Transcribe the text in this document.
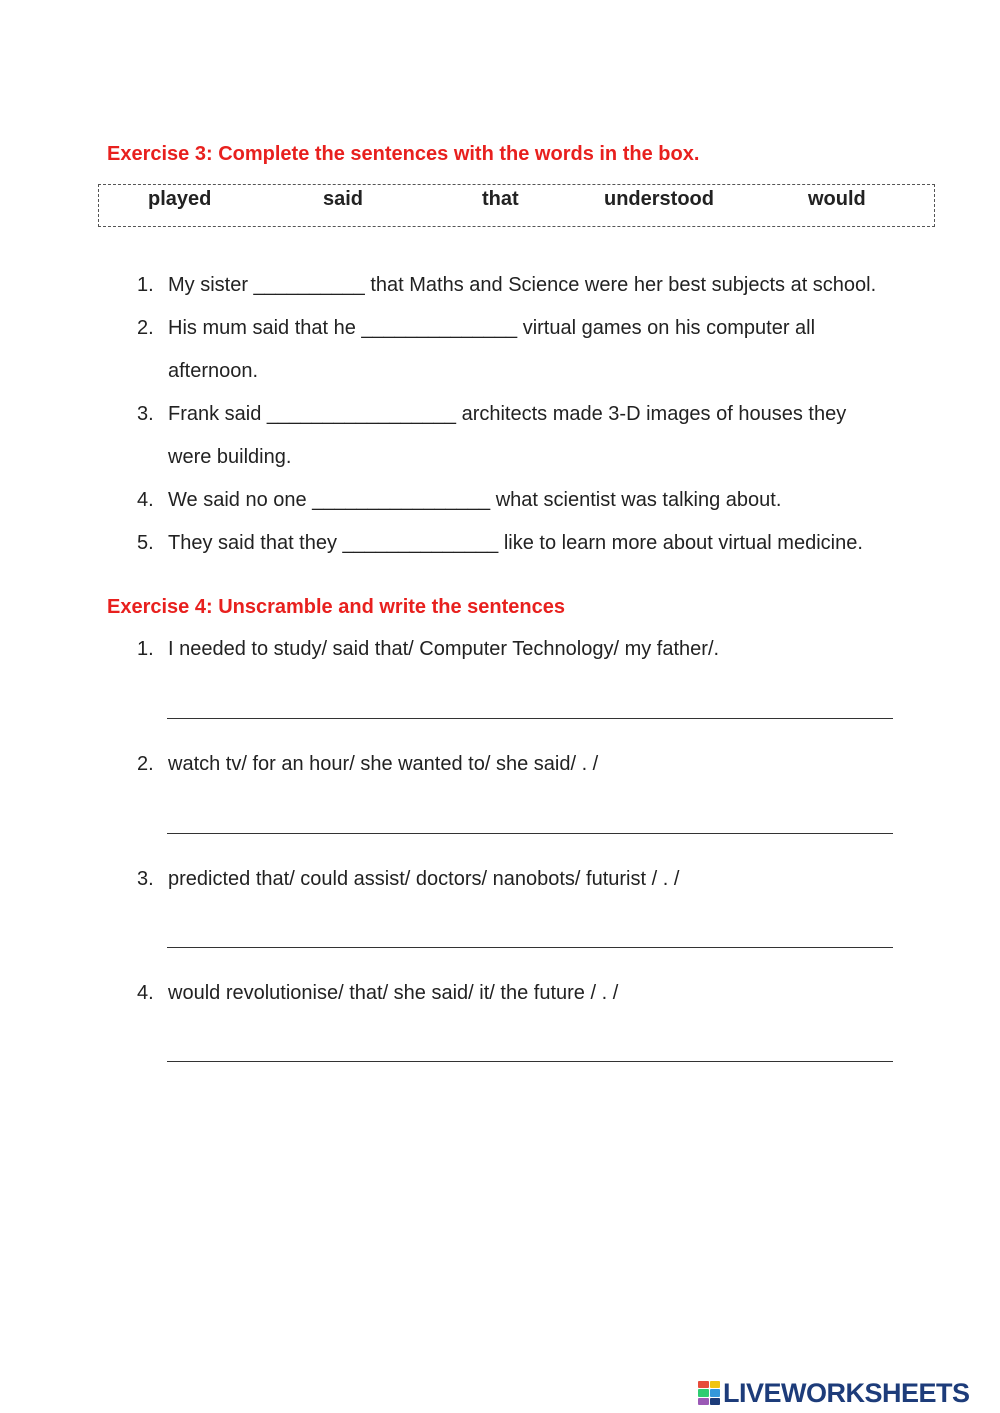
Exercise 3: Complete the sentences with the words in the box.
played	said	that	understood	would
1. My sister __________ that Maths and Science were her best subjects at school.
2. His mum said that he ______________ virtual games on his computer all
afternoon.
3. Frank said _________________ architects made 3-D images of houses they
were building.
4. We said no one ________________ what scientist was talking about.
5. They said that they ______________ like to learn more about virtual medicine.
Exercise 4: Unscramble and write the sentences
1. I needed to study/ said that/ Computer Technology/ my father/.
2. watch tv/ for an hour/ she wanted to/ she said/ . /
3. predicted that/ could assist/ doctors/ nanobots/ futurist / . /
4. would revolutionise/ that/ she said/ it/ the future / . /
LIVEWORKSHEETS
